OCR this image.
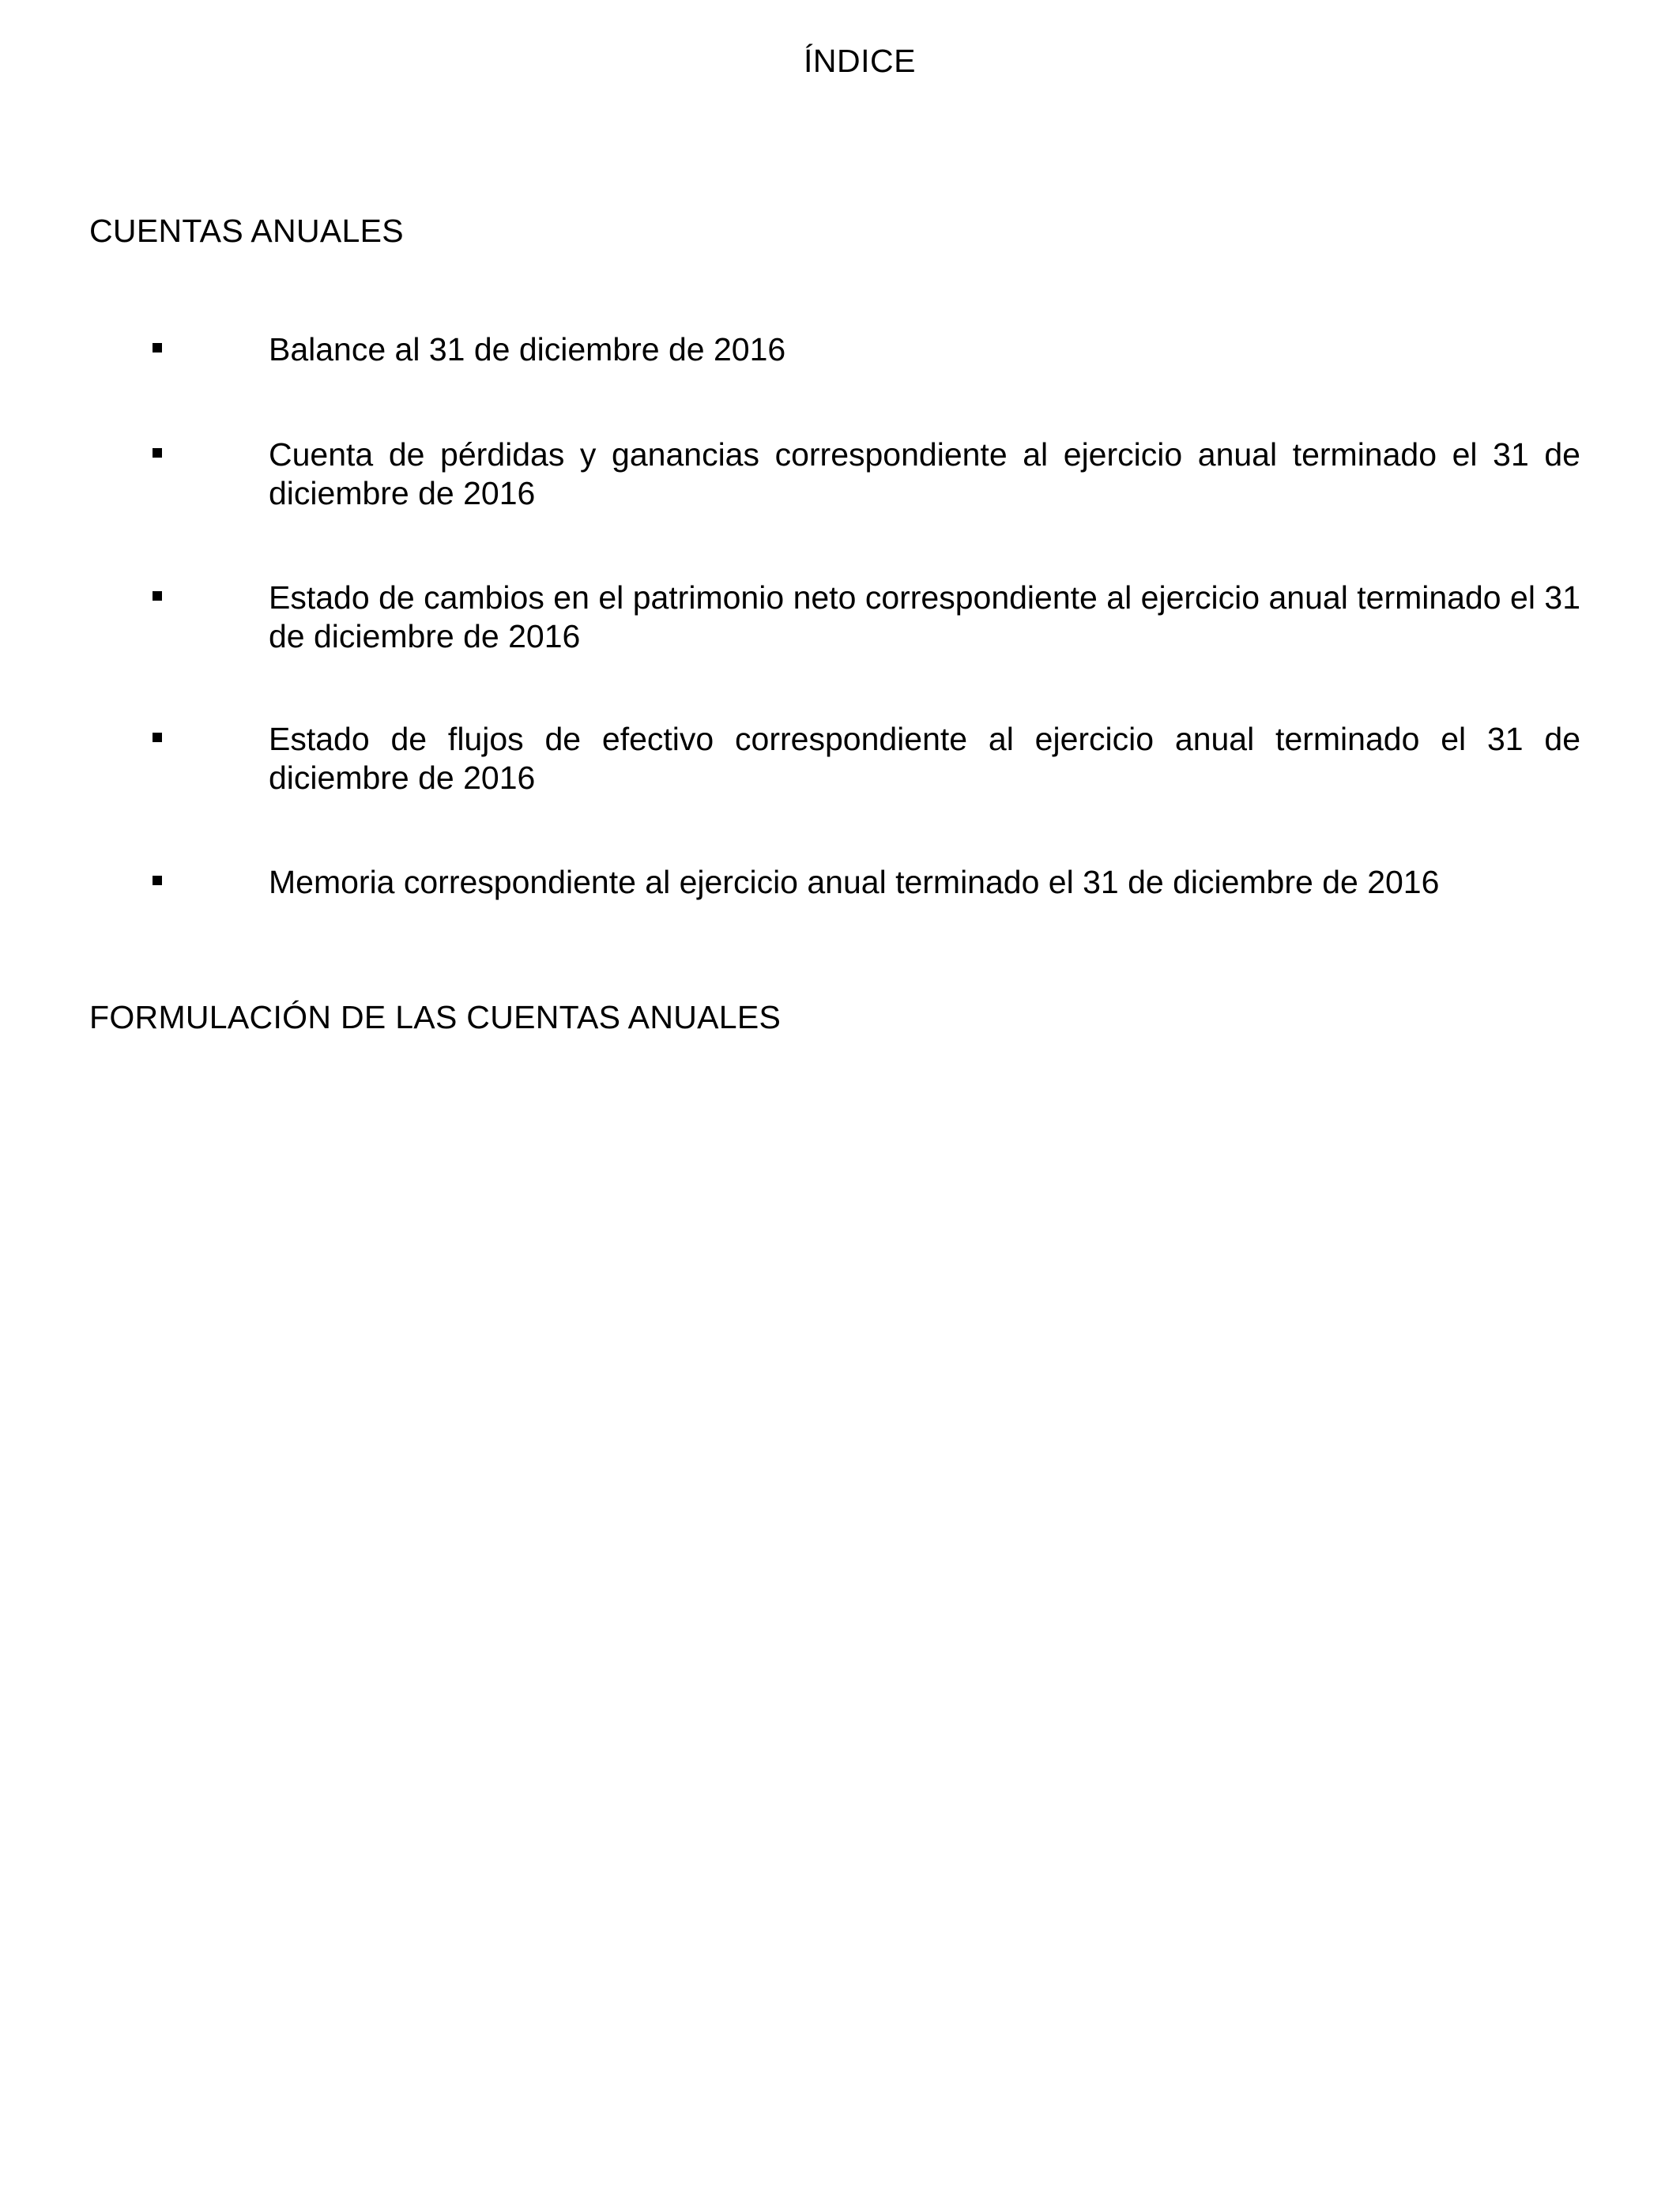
ÍNDICE
CUENTAS ANUALES

Balance al 31 de diciembre de 2016

Cuenta de pérdidas y ganancias correspondiente al ejercicio anual terminado el 31 de diciembre de 2016

Estado de cambios en el patrimonio neto correspondiente al ejercicio anual terminado el 31 de diciembre de 2016

Estado de flujos de efectivo correspondiente al ejercicio anual terminado el 31 de diciembre de 2016

Memoria correspondiente al ejercicio anual terminado el 31 de diciembre de 2016

FORMULACIÓN DE LAS CUENTAS ANUALES
